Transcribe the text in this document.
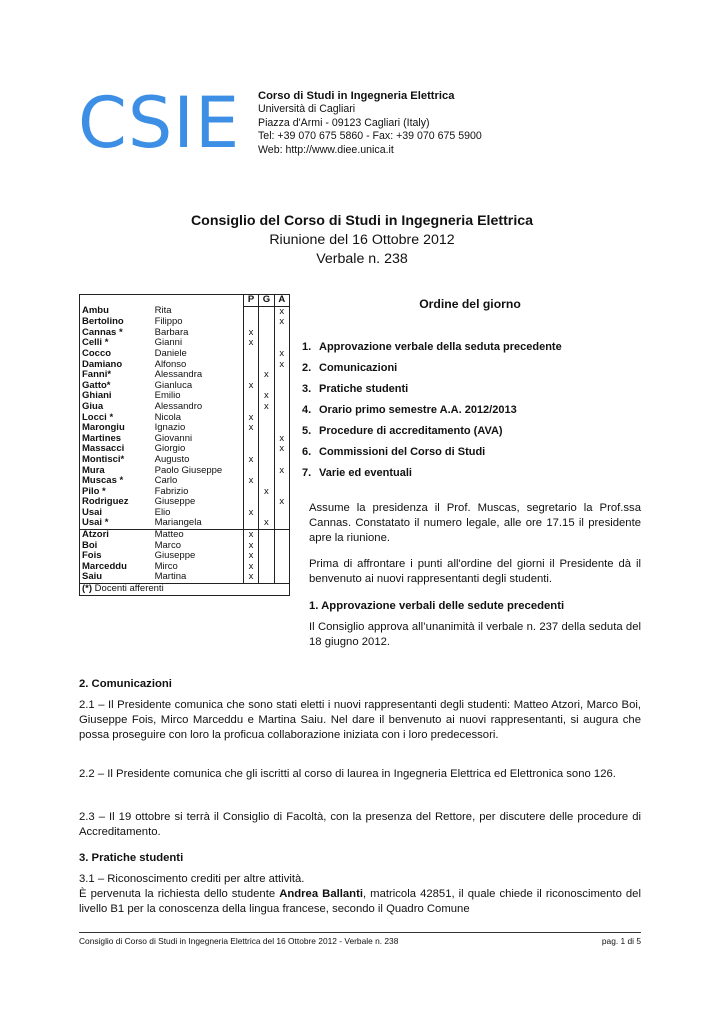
CSIE Corso di Studi in Ingegneria Elettrica
Università di Cagliari
Piazza d'Armi - 09123 Cagliari (Italy)
Tel: +39 070 675 5860 - Fax: +39 070 675 5900
Web: http://www.diee.unica.it
Consiglio del Corso di Studi in Ingegneria Elettrica
Riunione del 16 Ottobre 2012
Verbale n. 238
		P	G	A
Ambu	Rita			x
Bertolino	Filippo			x
Cannas *	Barbara	x		
Celli *	Gianni	x		
Cocco	Daniele			x
Damiano	Alfonso			x
Fanni*	Alessandra		x	
Gatto*	Gianluca	x		
Ghiani	Emilio		x	
Giua	Alessandro		x	
Locci *	Nicola	x		
Marongiu	Ignazio	x		
Martines	Giovanni			x
Massacci	Giorgio			x
Montisci*	Augusto	x		
Mura	Paolo Giuseppe			x
Muscas *	Carlo	x		
Pilo *	Fabrizio		x	
Rodriguez	Giuseppe			x
Usai	Elio	x		
Usai *	Mariangela		x	
Atzori	Matteo	x		
Boi	Marco	x		
Fois	Giuseppe	x		
Marceddu	Mirco	x		
Saiu	Martina	x		
(*) Docenti afferenti				
Ordine del giorno
1. Approvazione verbale della seduta precedente
2. Comunicazioni
3. Pratiche studenti
4. Orario primo semestre A.A. 2012/2013
5. Procedure di accreditamento (AVA)
6. Commissioni del Corso di Studi
7. Varie ed eventuali
Assume la presidenza il Prof. Muscas, segretario la Prof.ssa Cannas. Constatato il numero legale, alle ore 17.15 il presidente apre la riunione.
Prima di affrontare i punti all'ordine del giorni il Presidente dà il benvenuto ai nuovi rappresentanti degli studenti.
1. Approvazione verbali delle sedute precedenti
Il Consiglio approva all’unanimità il verbale n. 237 della seduta del 18 giugno 2012.
2. Comunicazioni
2.1 – Il Presidente comunica che sono stati eletti i nuovi rappresentanti degli studenti: Matteo Atzori, Marco Boi, Giuseppe Fois, Mirco Marceddu e Martina Saiu. Nel dare il benvenuto ai nuovi rappresentanti, si augura che possa proseguire con loro la proficua collaborazione iniziata con i loro predecessori.
2.2 – Il Presidente comunica che gli iscritti al corso di laurea in Ingegneria Elettrica ed Elettronica sono 126.
2.3 – Il 19 ottobre si terrà il Consiglio di Facoltà, con la presenza del Rettore, per discutere delle procedure di Accreditamento.
3. Pratiche studenti
3.1 – Riconoscimento crediti per altre attività.
È pervenuta la richiesta dello studente Andrea Ballanti, matricola 42851, il quale chiede il riconoscimento del livello B1 per la conoscenza della lingua francese, secondo il Quadro Comune
Consiglio di Corso di Studi in Ingegneria Elettrica del 16 Ottobre 2012 - Verbale n. 238	pag. 1 di 5
